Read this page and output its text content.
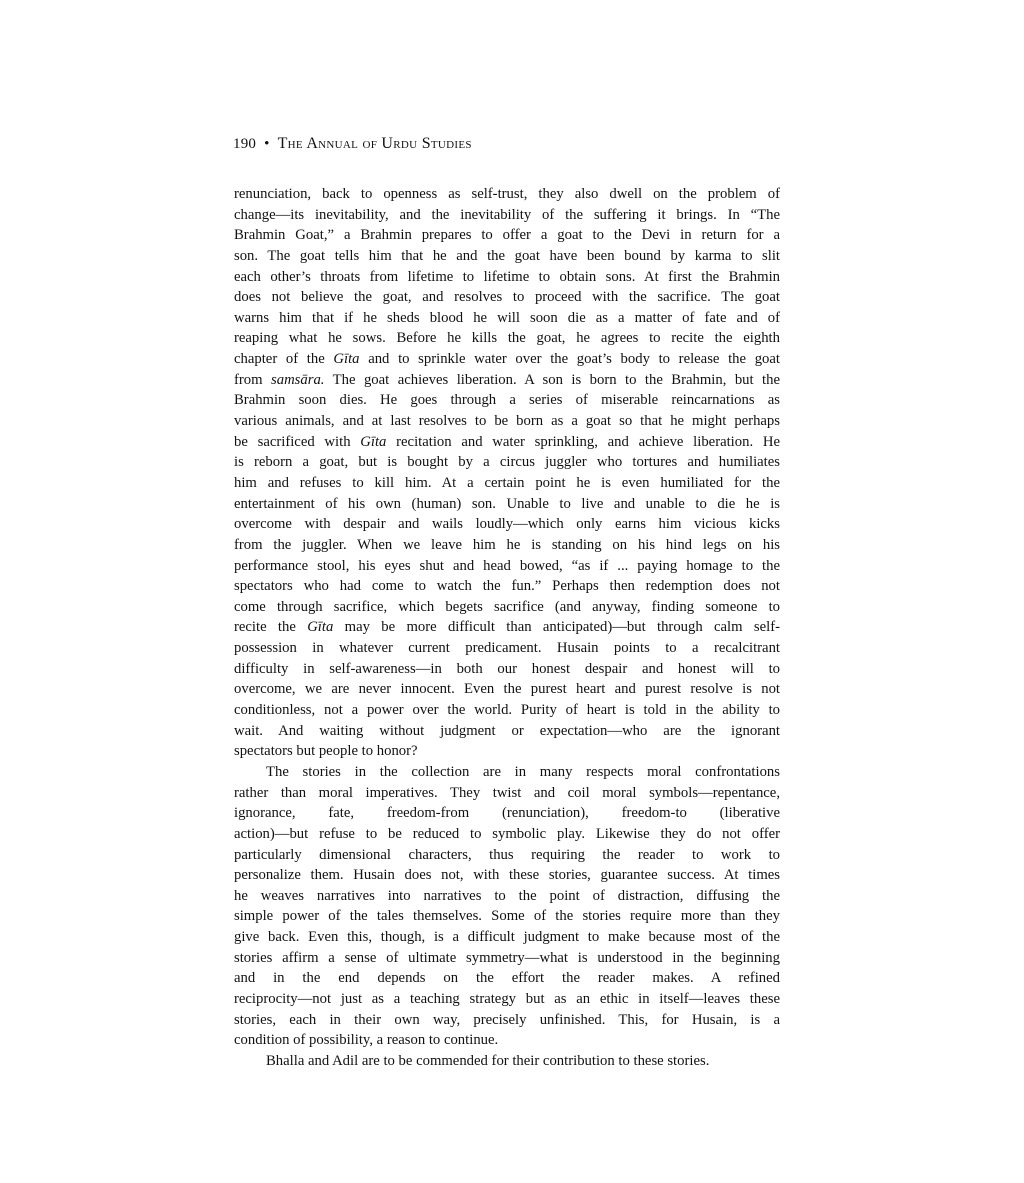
190 • The Annual of Urdu Studies
renunciation, back to openness as self-trust, they also dwell on the problem of
change—its inevitability, and the inevitability of the suffering it brings. In “The
Brahmin Goat,” a Brahmin prepares to offer a goat to the Devi in return for a
son. The goat tells him that he and the goat have been bound by karma to slit
each other’s throats from lifetime to lifetime to obtain sons. At first the Brahmin
does not believe the goat, and resolves to proceed with the sacrifice. The goat
warns him that if he sheds blood he will soon die as a matter of fate and of
reaping what he sows. Before he kills the goat, he agrees to recite the eighth
chapter of the Gīta and to sprinkle water over the goat’s body to release the goat
from samsāra. The goat achieves liberation. A son is born to the Brahmin, but the
Brahmin soon dies. He goes through a series of miserable reincarnations as
various animals, and at last resolves to be born as a goat so that he might perhaps
be sacrificed with Gīta recitation and water sprinkling, and achieve liberation. He
is reborn a goat, but is bought by a circus juggler who tortures and humiliates
him and refuses to kill him. At a certain point he is even humiliated for the
entertainment of his own (human) son. Unable to live and unable to die he is
overcome with despair and wails loudly—which only earns him vicious kicks
from the juggler. When we leave him he is standing on his hind legs on his
performance stool, his eyes shut and head bowed, “as if ... paying homage to the
spectators who had come to watch the fun.” Perhaps then redemption does not
come through sacrifice, which begets sacrifice (and anyway, finding someone to
recite the Gīta may be more difficult than anticipated)—but through calm self-
possession in whatever current predicament. Husain points to a recalcitrant
difficulty in self-awareness—in both our honest despair and honest will to
overcome, we are never innocent. Even the purest heart and purest resolve is not
conditionless, not a power over the world. Purity of heart is told in the ability to
wait. And waiting without judgment or expectation—who are the ignorant
spectators but people to honor?
The stories in the collection are in many respects moral confrontations
rather than moral imperatives. They twist and coil moral symbols—repentance,
ignorance, fate, freedom-from (renunciation), freedom-to (liberative
action)—but refuse to be reduced to symbolic play. Likewise they do not offer
particularly dimensional characters, thus requiring the reader to work to
personalize them. Husain does not, with these stories, guarantee success. At times
he weaves narratives into narratives to the point of distraction, diffusing the
simple power of the tales themselves. Some of the stories require more than they
give back. Even this, though, is a difficult judgment to make because most of the
stories affirm a sense of ultimate symmetry—what is understood in the beginning
and in the end depends on the effort the reader makes. A refined
reciprocity—not just as a teaching strategy but as an ethic in itself—leaves these
stories, each in their own way, precisely unfinished. This, for Husain, is a
condition of possibility, a reason to continue.
Bhalla and Adil are to be commended for their contribution to these stories.
